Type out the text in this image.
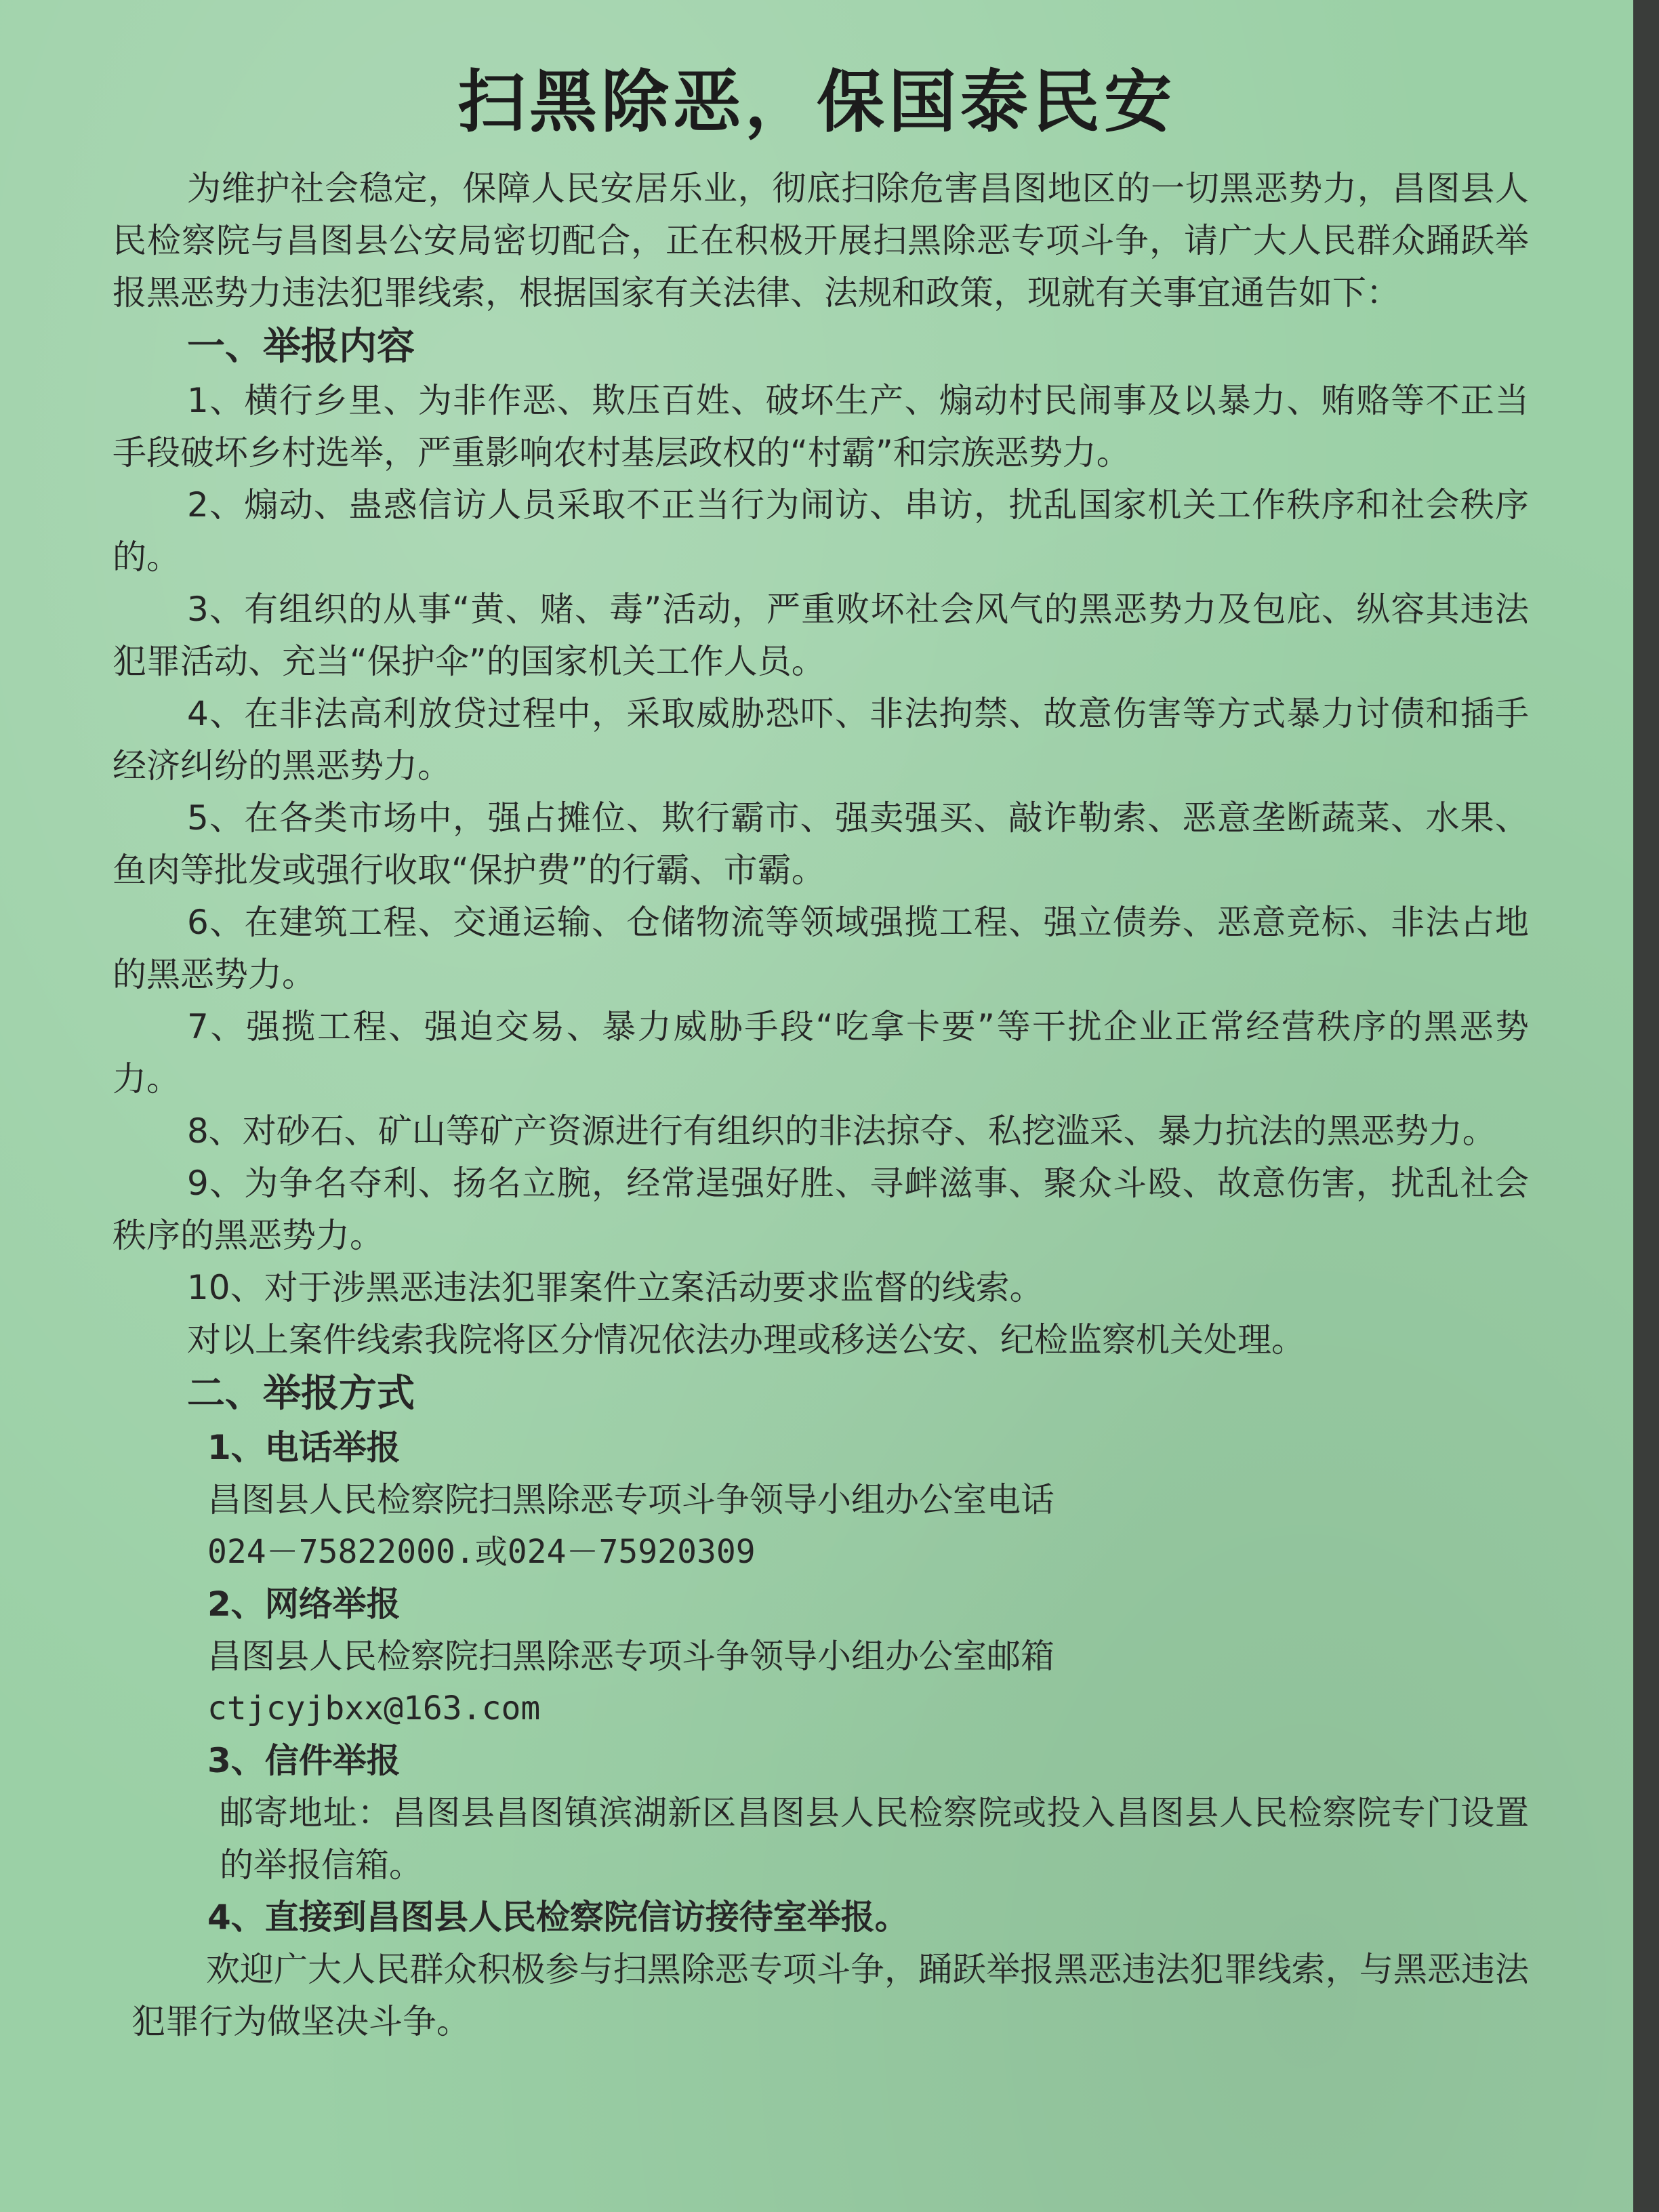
扫黑除恶，保国泰民安

为维护社会稳定，保障人民安居乐业，彻底扫除危害昌图地区的一切黑恶势力，昌图县人民检察院与昌图县公安局密切配合，正在积极开展扫黑除恶专项斗争，请广大人民群众踊跃举报黑恶势力违法犯罪线索，根据国家有关法律、法规和政策，现就有关事宜通告如下：

一、举报内容

1、横行乡里、为非作恶、欺压百姓、破坏生产、煽动村民闹事及以暴力、贿赂等不正当手段破坏乡村选举，严重影响农村基层政权的“村霸”和宗族恶势力。

2、煽动、蛊惑信访人员采取不正当行为闹访、串访，扰乱国家机关工作秩序和社会秩序的。

3、有组织的从事“黄、赌、毒”活动，严重败坏社会风气的黑恶势力及包庇、纵容其违法犯罪活动、充当“保护伞”的国家机关工作人员。

4、在非法高利放贷过程中，采取威胁恐吓、非法拘禁、故意伤害等方式暴力讨债和插手经济纠纷的黑恶势力。

5、在各类市场中，强占摊位、欺行霸市、强卖强买、敲诈勒索、恶意垄断蔬菜、水果、鱼肉等批发或强行收取“保护费”的行霸、市霸。

6、在建筑工程、交通运输、仓储物流等领域强揽工程、强立债券、恶意竞标、非法占地的黑恶势力。

7、强揽工程、强迫交易、暴力威胁手段“吃拿卡要”等干扰企业正常经营秩序的黑恶势力。

8、对砂石、矿山等矿产资源进行有组织的非法掠夺、私挖滥采、暴力抗法的黑恶势力。

9、为争名夺利、扬名立腕，经常逞强好胜、寻衅滋事、聚众斗殴、故意伤害，扰乱社会秩序的黑恶势力。

10、对于涉黑恶违法犯罪案件立案活动要求监督的线索。

对以上案件线索我院将区分情况依法办理或移送公安、纪检监察机关处理。

二、举报方式

1、电话举报

昌图县人民检察院扫黑除恶专项斗争领导小组办公室电话

024－75822000.或024－75920309

2、网络举报

昌图县人民检察院扫黑除恶专项斗争领导小组办公室邮箱

ctjcyjbxx@163.com

3、信件举报

邮寄地址：昌图县昌图镇滨湖新区昌图县人民检察院或投入昌图县人民检察院专门设置的举报信箱。

4、直接到昌图县人民检察院信访接待室举报。

欢迎广大人民群众积极参与扫黑除恶专项斗争，踊跃举报黑恶违法犯罪线索，与黑恶违法犯罪行为做坚决斗争。
